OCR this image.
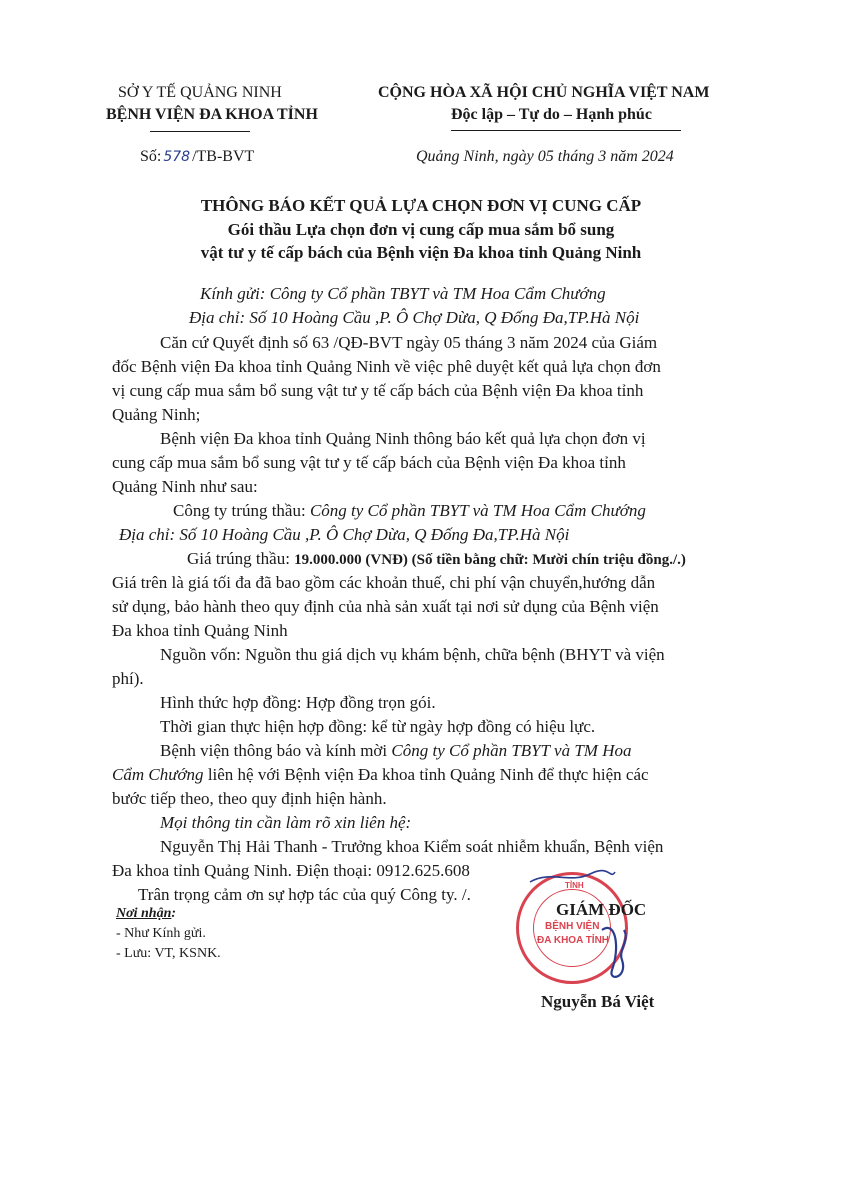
SỞ Y TẾ QUẢNG NINH
BỆNH VIỆN ĐA KHOA TỈNH
CỘNG HÒA XÃ HỘI CHỦ NGHĨA VIỆT NAM
Độc lập – Tự do – Hạnh phúc
Số: 578 /TB-BVT	Quảng Ninh, ngày 05 tháng 3 năm 2024
THÔNG BÁO KẾT QUẢ LỰA CHỌN ĐƠN VỊ CUNG CẤP
Gói thầu Lựa chọn đơn vị cung cấp mua sắm bổ sung
vật tư y tế cấp bách của Bệnh viện Đa khoa tỉnh Quảng Ninh
Kính gửi: Công ty Cổ phần TBYT và TM Hoa Cẩm Chướng
Địa chỉ: Số 10 Hoàng Cầu ,P. Ô Chợ Dừa, Q Đống Đa,TP.Hà Nội
Căn cứ Quyết định số 63 /QĐ-BVT ngày 05 tháng 3 năm 2024 của Giám
đốc Bệnh viện Đa khoa tỉnh Quảng Ninh về việc phê duyệt kết quả lựa chọn đơn
vị cung cấp mua sắm bổ sung vật tư y tế cấp bách của Bệnh viện Đa khoa tỉnh
Quảng Ninh;
Bệnh viện Đa khoa tỉnh Quảng Ninh thông báo kết quả lựa chọn đơn vị
cung cấp mua sắm bổ sung vật tư y tế cấp bách của Bệnh viện Đa khoa tỉnh
Quảng Ninh như sau:
Công ty trúng thầu: Công ty Cổ phần TBYT và TM Hoa Cẩm Chướng
Địa chỉ: Số 10 Hoàng Cầu ,P. Ô Chợ Dừa, Q Đống Đa,TP.Hà Nội
Giá trúng thầu: 19.000.000 (VNĐ) (Số tiền bằng chữ: Mười chín triệu đồng./.)
Giá trên là giá tối đa đã bao gồm các khoản thuế, chi phí vận chuyển,hướng dẫn
sử dụng, bảo hành theo quy định của nhà sản xuất tại nơi sử dụng của Bệnh viện
Đa khoa tỉnh Quảng Ninh
Nguồn vốn: Nguồn thu giá dịch vụ khám bệnh, chữa bệnh (BHYT và viện
phí).
Hình thức hợp đồng: Hợp đồng trọn gói.
Thời gian thực hiện hợp đồng: kể từ ngày hợp đồng có hiệu lực.
Bệnh viện thông báo và kính mời Công ty Cổ phần TBYT và TM Hoa
Cẩm Chướng liên hệ với Bệnh viện Đa khoa tỉnh Quảng Ninh để thực hiện các
bước tiếp theo, theo quy định hiện hành.
Mọi thông tin cần làm rõ xin liên hệ:
Nguyễn Thị Hải Thanh - Trưởng khoa Kiểm soát nhiễm khuẩn, Bệnh viện
Đa khoa tỉnh Quảng Ninh. Điện thoại: 0912.625.608
Trân trọng cảm ơn sự hợp tác của quý Công ty. /.
Nơi nhận:
- Như Kính gửi.
- Lưu: VT, KSNK.
TỈNH
BỆNH VIỆN
ĐA KHOA TỈNH
GIÁM ĐỐC
Nguyễn Bá Việt
